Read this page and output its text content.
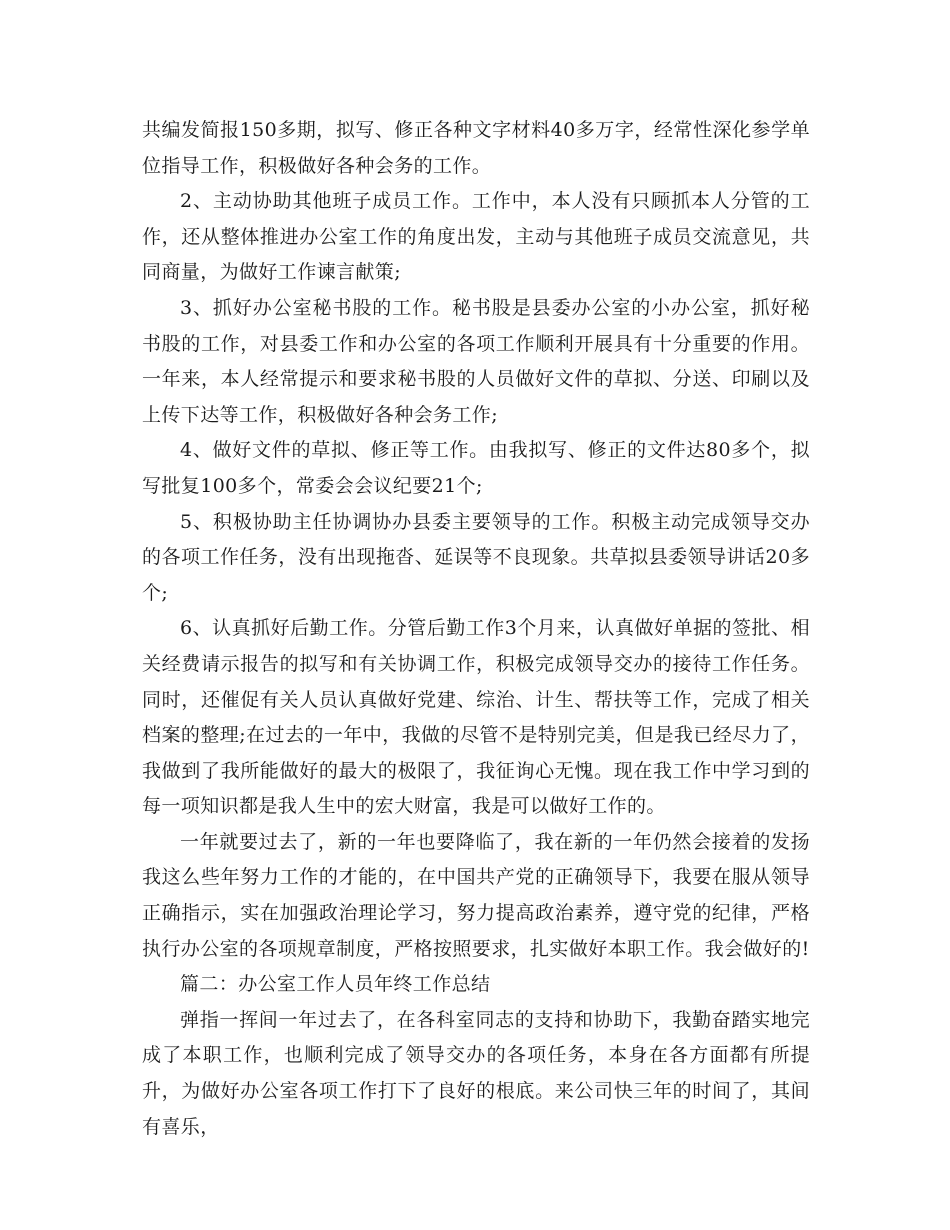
共编发简报150多期，拟写、修正各种文字材料40多万字，经常性深化参学单位指导工作，积极做好各种会务的工作。

2、主动协助其他班子成员工作。工作中，本人没有只顾抓本人分管的工作，还从整体推进办公室工作的角度出发，主动与其他班子成员交流意见，共同商量，为做好工作谏言献策;

3、抓好办公室秘书股的工作。秘书股是县委办公室的小办公室，抓好秘书股的工作，对县委工作和办公室的各项工作顺利开展具有十分重要的作用。一年来，本人经常提示和要求秘书股的人员做好文件的草拟、分送、印刷以及上传下达等工作，积极做好各种会务工作;

4、做好文件的草拟、修正等工作。由我拟写、修正的文件达80多个，拟写批复100多个，常委会会议纪要21个;

5、积极协助主任协调协办县委主要领导的工作。积极主动完成领导交办的各项工作任务，没有出现拖沓、延误等不良现象。共草拟县委领导讲话20多个;

6、认真抓好后勤工作。分管后勤工作3个月来，认真做好单据的签批、相关经费请示报告的拟写和有关协调工作，积极完成领导交办的接待工作任务。同时，还催促有关人员认真做好党建、综治、计生、帮扶等工作，完成了相关档案的整理;在过去的一年中，我做的尽管不是特别完美，但是我已经尽力了，我做到了我所能做好的最大的极限了，我征询心无愧。现在我工作中学习到的每一项知识都是我人生中的宏大财富，我是可以做好工作的。

一年就要过去了，新的一年也要降临了，我在新的一年仍然会接着的发扬我这么些年努力工作的才能的，在中国共产党的正确领导下，我要在服从领导正确指示，实在加强政治理论学习，努力提高政治素养，遵守党的纪律，严格执行办公室的各项规章制度，严格按照要求，扎实做好本职工作。我会做好的!

篇二：办公室工作人员年终工作总结

弹指一挥间一年过去了，在各科室同志的支持和协助下，我勤奋踏实地完成了本职工作，也顺利完成了领导交办的各项任务，本身在各方面都有所提升，为做好办公室各项工作打下了良好的根底。来公司快三年的时间了，其间有喜乐，
